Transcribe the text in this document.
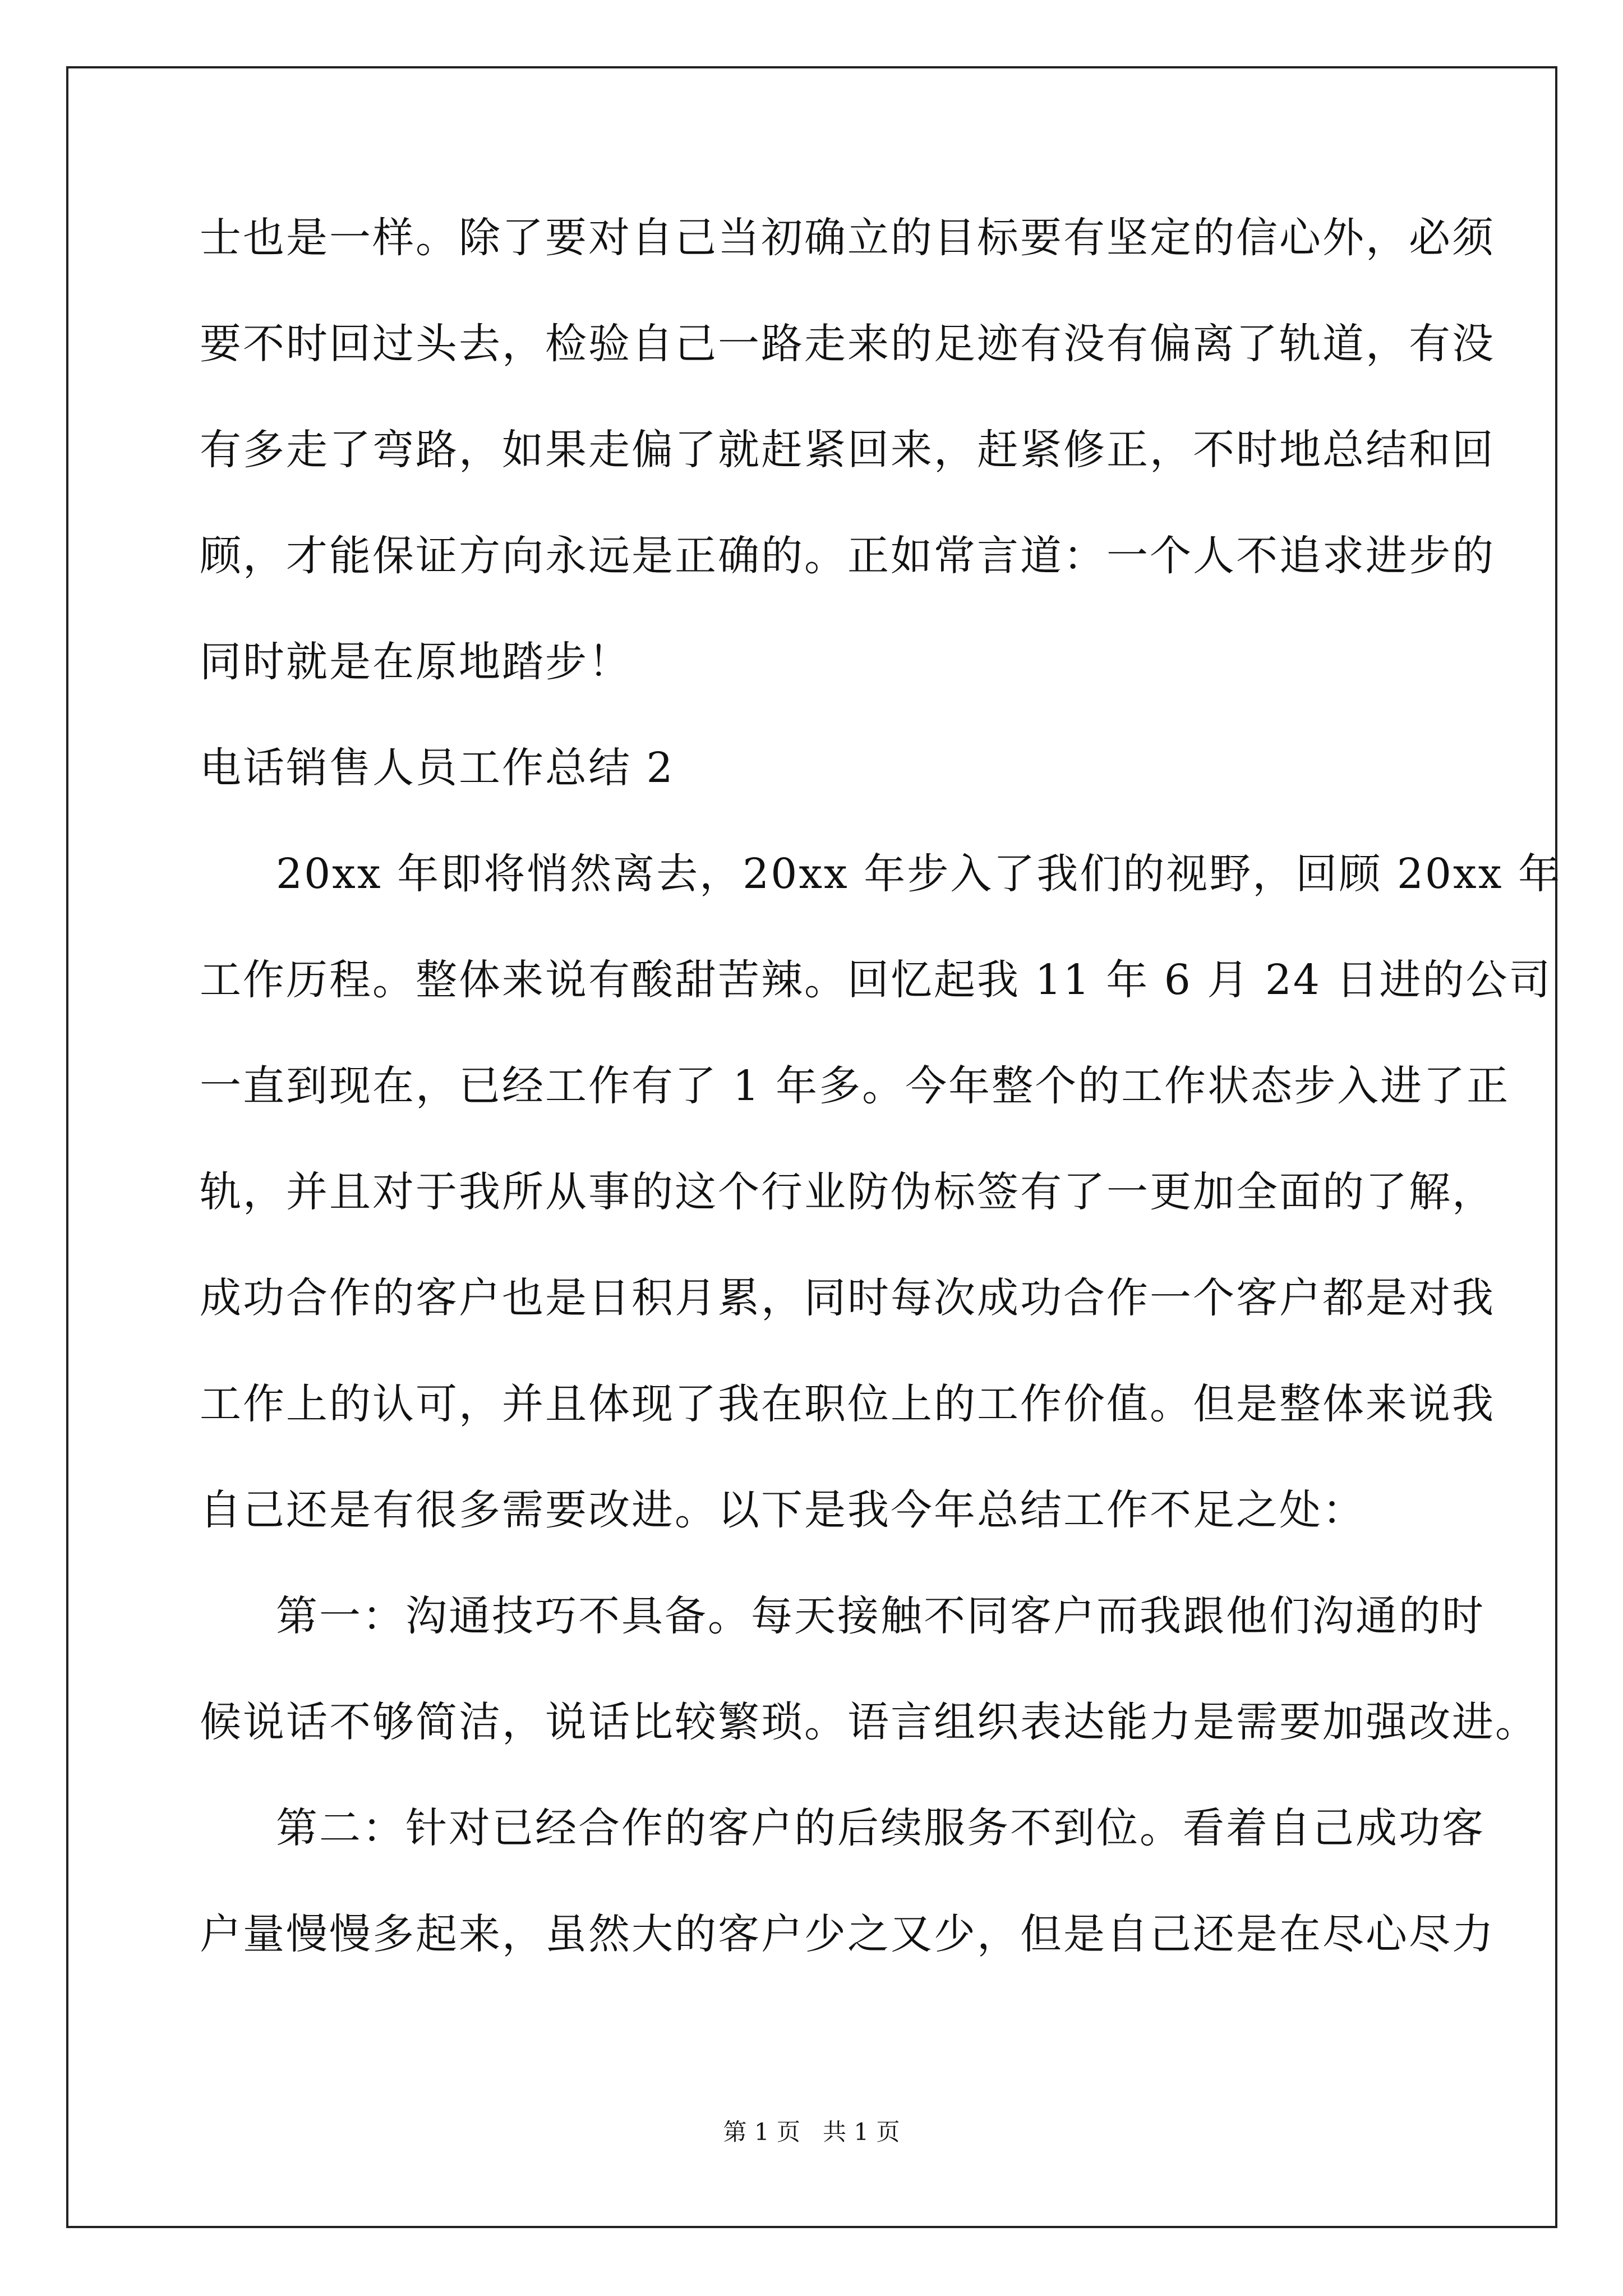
士也是一样。除了要对自己当初确立的目标要有坚定的信心外，必须
要不时回过头去，检验自己一路走来的足迹有没有偏离了轨道，有没
有多走了弯路，如果走偏了就赶紧回来，赶紧修正，不时地总结和回
顾，才能保证方向永远是正确的。正如常言道：一个人不追求进步的
同时就是在原地踏步！
电话销售人员工作总结 2
20xx 年即将悄然离去，20xx 年步入了我们的视野，回顾 20xx 年
工作历程。整体来说有酸甜苦辣。回忆起我 11 年 6 月 24 日进的公司
一直到现在，已经工作有了 1 年多。今年整个的工作状态步入进了正
轨，并且对于我所从事的这个行业防伪标签有了一更加全面的了解，
成功合作的客户也是日积月累，同时每次成功合作一个客户都是对我
工作上的认可，并且体现了我在职位上的工作价值。但是整体来说我
自己还是有很多需要改进。以下是我今年总结工作不足之处：
第一：沟通技巧不具备。每天接触不同客户而我跟他们沟通的时
候说话不够简洁，说话比较繁琐。语言组织表达能力是需要加强改进。
第二：针对已经合作的客户的后续服务不到位。看着自己成功客
户量慢慢多起来，虽然大的客户少之又少，但是自己还是在尽心尽力
第 1 页   共 1 页
